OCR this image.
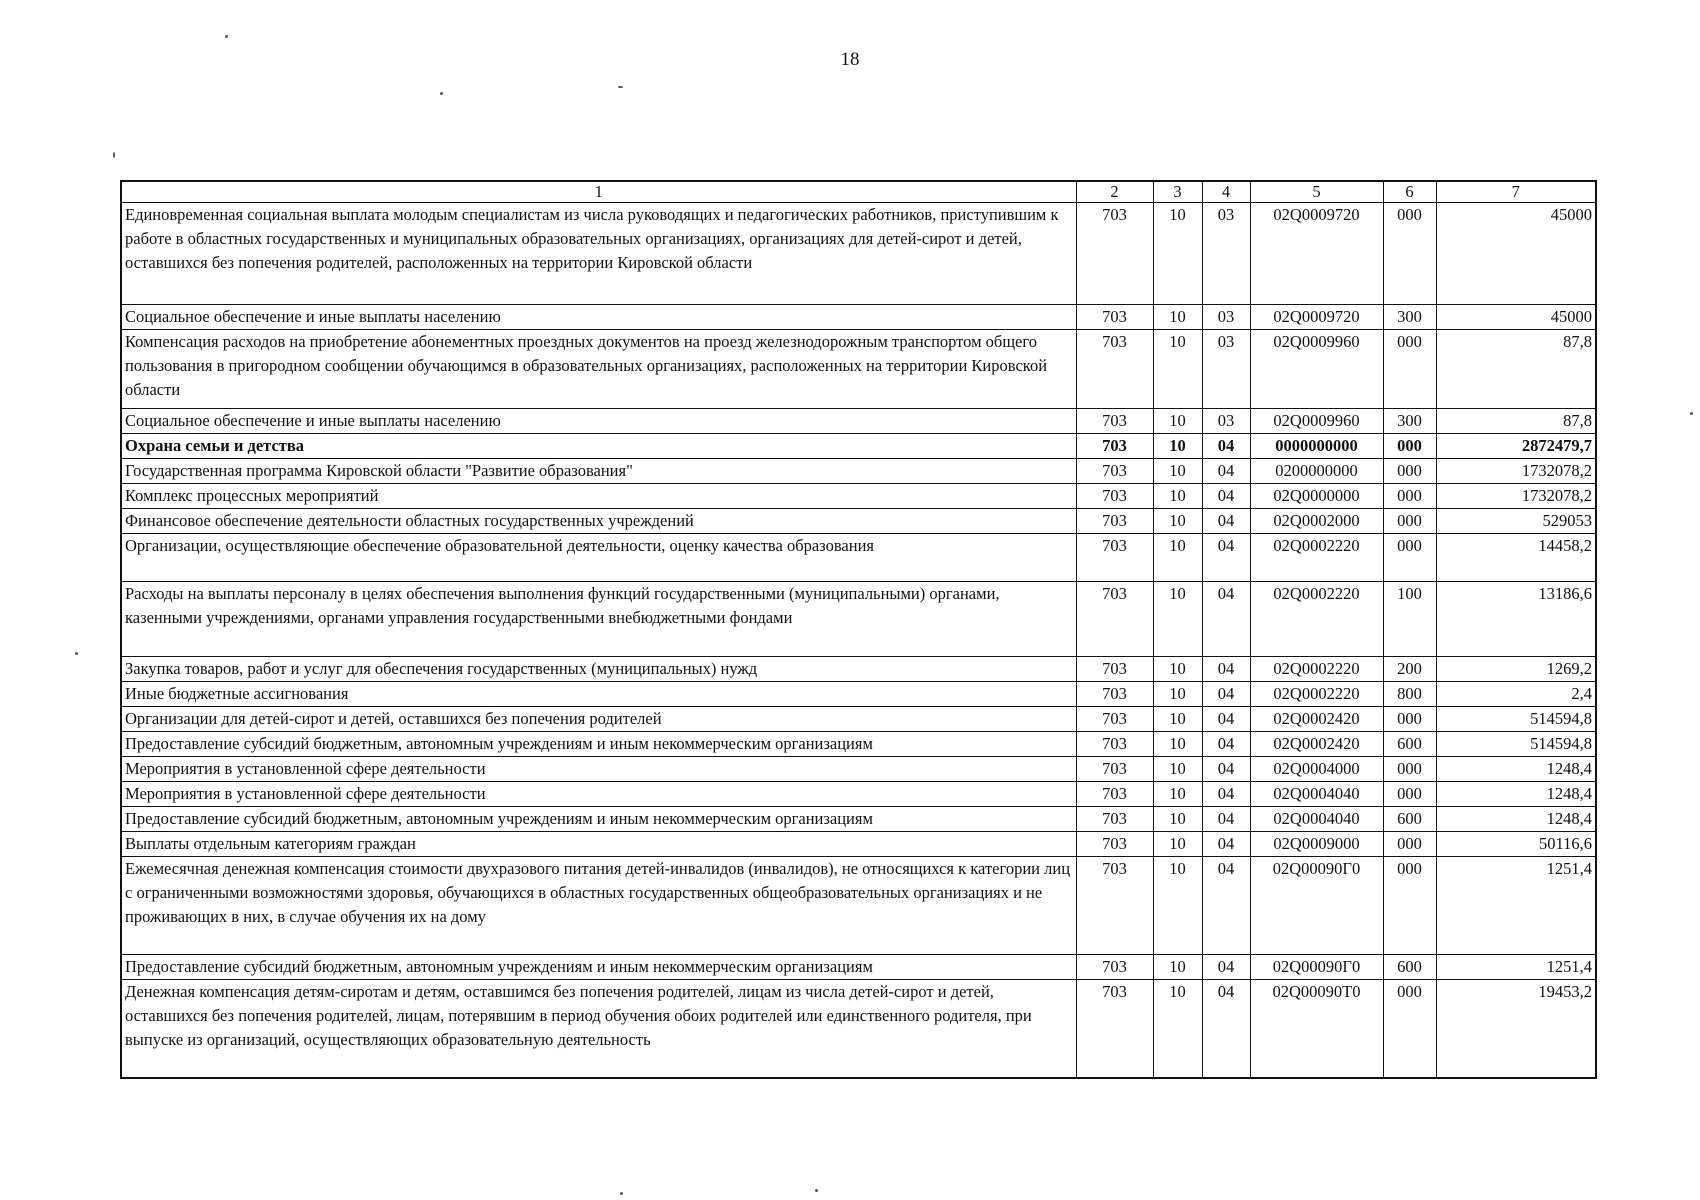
18
1	2	3	4	5	6	7
Единовременная социальная выплата молодым специалистам из числа руководящих и педагогических работников, приступившим к работе в областных государственных и муниципальных образовательных организациях, организациях для детей-сирот и детей, оставшихся без попечения родителей, расположенных на территории Кировской области	703	10	03	02Q0009720	000	45000
Социальное обеспечение и иные выплаты населению	703	10	03	02Q0009720	300	45000
Компенсация расходов на приобретение абонементных проездных документов на проезд железнодорожным транспортом общего пользования в пригородном сообщении обучающимся в образовательных организациях, расположенных на территории Кировской области	703	10	03	02Q0009960	000	87,8
Социальное обеспечение и иные выплаты населению	703	10	03	02Q0009960	300	87,8
Охрана семьи и детства	703	10	04	0000000000	000	2872479,7
Государственная программа Кировской области "Развитие образования"	703	10	04	0200000000	000	1732078,2
Комплекс процессных мероприятий	703	10	04	02Q0000000	000	1732078,2
Финансовое обеспечение деятельности областных государственных учреждений	703	10	04	02Q0002000	000	529053
Организации, осуществляющие обеспечение образовательной деятельности, оценку качества образования	703	10	04	02Q0002220	000	14458,2
Расходы на выплаты персоналу в целях обеспечения выполнения функций государственными (муниципальными) органами, казенными учреждениями, органами управления государственными внебюджетными фондами	703	10	04	02Q0002220	100	13186,6
Закупка товаров, работ и услуг для обеспечения государственных (муниципальных) нужд	703	10	04	02Q0002220	200	1269,2
Иные бюджетные ассигнования	703	10	04	02Q0002220	800	2,4
Организации для детей-сирот и детей, оставшихся без попечения родителей	703	10	04	02Q0002420	000	514594,8
Предоставление субсидий бюджетным, автономным учреждениям и иным некоммерческим организациям	703	10	04	02Q0002420	600	514594,8
Мероприятия в установленной сфере деятельности	703	10	04	02Q0004000	000	1248,4
Мероприятия в установленной сфере деятельности	703	10	04	02Q0004040	000	1248,4
Предоставление субсидий бюджетным, автономным учреждениям и иным некоммерческим организациям	703	10	04	02Q0004040	600	1248,4
Выплаты отдельным категориям граждан	703	10	04	02Q0009000	000	50116,6
Ежемесячная денежная компенсация стоимости двухразового питания детей-инвалидов (инвалидов), не относящихся к категории лиц с ограниченными возможностями здоровья, обучающихся в областных государственных общеобразовательных организациях и не проживающих в них, в случае обучения их на дому	703	10	04	02Q00090Г0	000	1251,4
Предоставление субсидий бюджетным, автономным учреждениям и иным некоммерческим организациям	703	10	04	02Q00090Г0	600	1251,4
Денежная компенсация детям-сиротам и детям, оставшимся без попечения родителей, лицам из числа детей-сирот и детей, оставшихся без попечения родителей, лицам, потерявшим в период обучения обоих родителей или единственного родителя, при выпуске из организаций, осуществляющих образовательную деятельность	703	10	04	02Q00090Т0	000	19453,2
